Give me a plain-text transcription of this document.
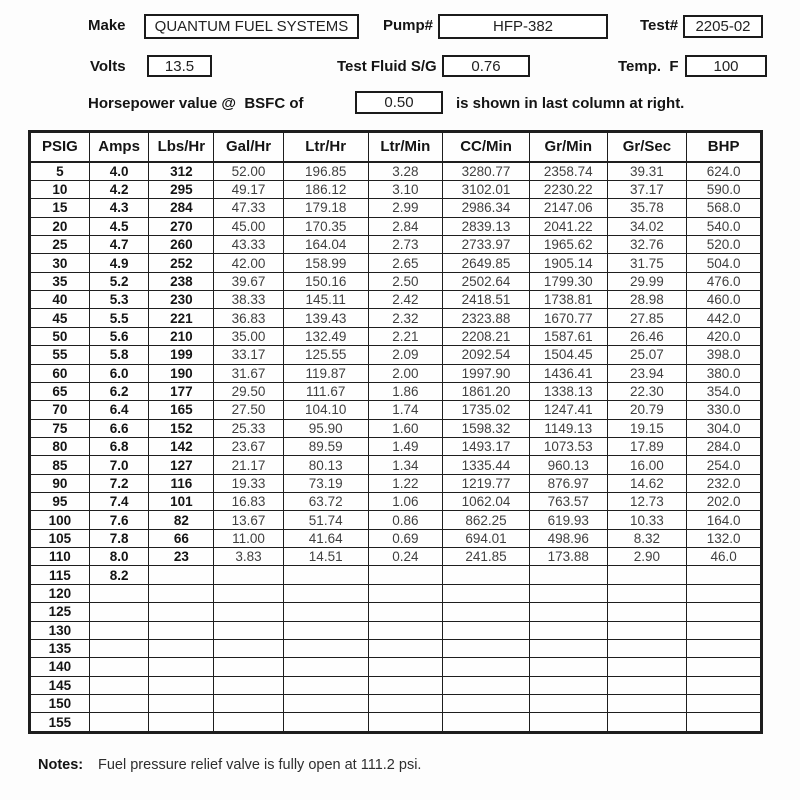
Make QUANTUM FUEL SYSTEMS Pump#	HFP-382	Test# 2205-02
Volts	13.5	Test Fluid S/G 0.76	Temp.  F 100
Horsepower value @  BSFC of	0.50	is shown in last column at right.
PSIG	Amps	Lbs/Hr	Gal/Hr	Ltr/Hr	Ltr/Min	CC/Min	Gr/Min	Gr/Sec	BHP
5	4.0	312	52.00	196.85	3.28	3280.77	2358.74	39.31	624.0
10	4.2	295	49.17	186.12	3.10	3102.01	2230.22	37.17	590.0
15	4.3	284	47.33	179.18	2.99	2986.34	2147.06	35.78	568.0
20	4.5	270	45.00	170.35	2.84	2839.13	2041.22	34.02	540.0
25	4.7	260	43.33	164.04	2.73	2733.97	1965.62	32.76	520.0
30	4.9	252	42.00	158.99	2.65	2649.85	1905.14	31.75	504.0
35	5.2	238	39.67	150.16	2.50	2502.64	1799.30	29.99	476.0
40	5.3	230	38.33	145.11	2.42	2418.51	1738.81	28.98	460.0
45	5.5	221	36.83	139.43	2.32	2323.88	1670.77	27.85	442.0
50	5.6	210	35.00	132.49	2.21	2208.21	1587.61	26.46	420.0
55	5.8	199	33.17	125.55	2.09	2092.54	1504.45	25.07	398.0
60	6.0	190	31.67	119.87	2.00	1997.90	1436.41	23.94	380.0
65	6.2	177	29.50	111.67	1.86	1861.20	1338.13	22.30	354.0
70	6.4	165	27.50	104.10	1.74	1735.02	1247.41	20.79	330.0
75	6.6	152	25.33	95.90	1.60	1598.32	1149.13	19.15	304.0
80	6.8	142	23.67	89.59	1.49	1493.17	1073.53	17.89	284.0
85	7.0	127	21.17	80.13	1.34	1335.44	960.13	16.00	254.0
90	7.2	116	19.33	73.19	1.22	1219.77	876.97	14.62	232.0
95	7.4	101	16.83	63.72	1.06	1062.04	763.57	12.73	202.0
100	7.6	82	13.67	51.74	0.86	862.25	619.93	10.33	164.0
105	7.8	66	11.00	41.64	0.69	694.01	498.96	8.32	132.0
110	8.0	23	3.83	14.51	0.24	241.85	173.88	2.90	46.0
115	8.2								
120									
125									
130									
135									
140									
145									
150									
155									
Notes: Fuel pressure relief valve is fully open at 111.2 psi.
